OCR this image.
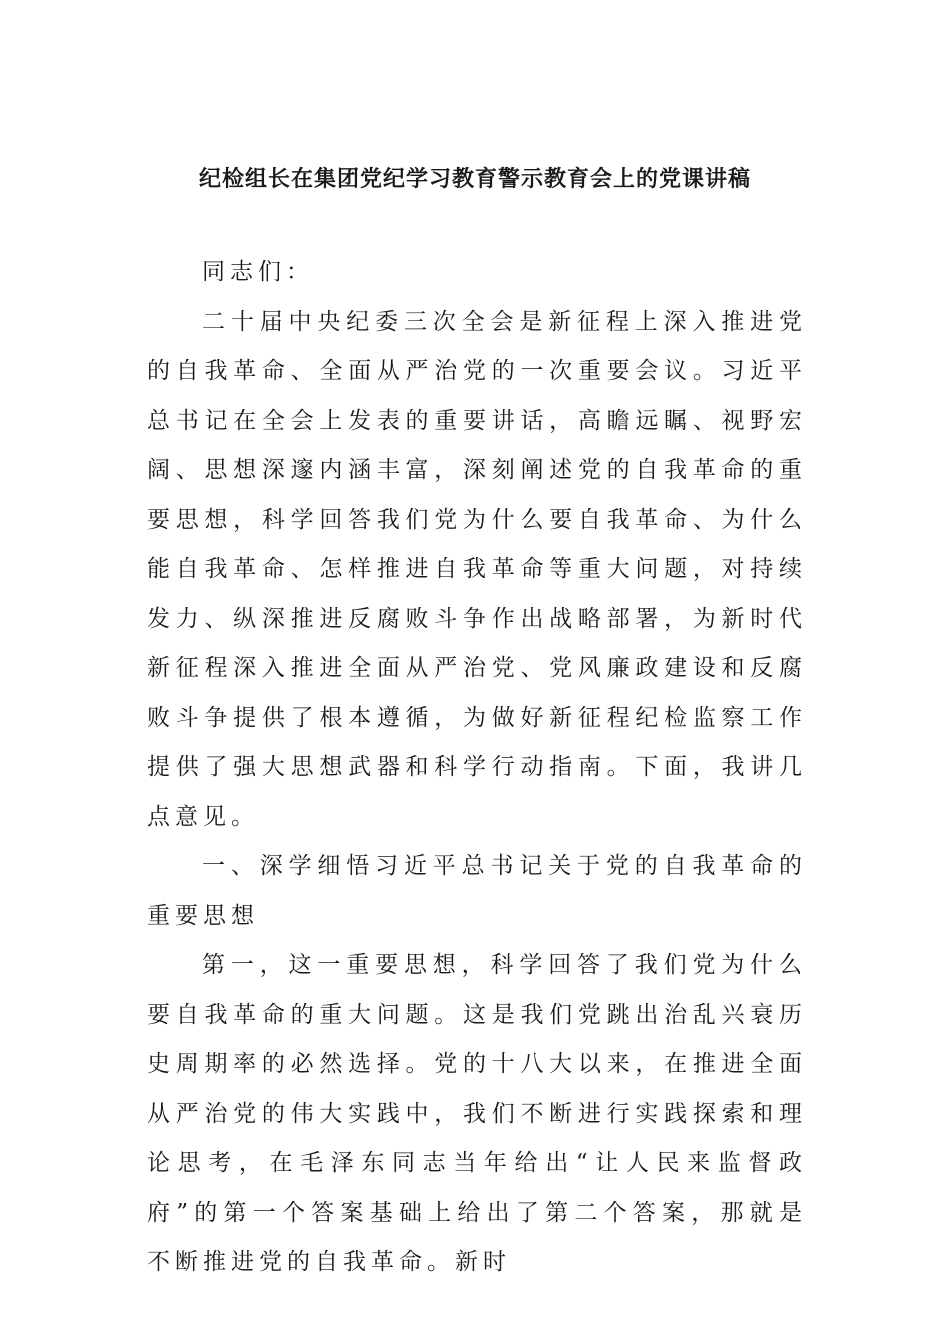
纪检组长在集团党纪学习教育警示教育会上的党课讲稿

同志们：

二十届中央纪委三次全会是新征程上深入推进党的自我革命、全面从严治党的一次重要会议。习近平总书记在全会上发表的重要讲话，高瞻远瞩、视野宏阔、思想深邃内涵丰富，深刻阐述党的自我革命的重要思想，科学回答我们党为什么要自我革命、为什么能自我革命、怎样推进自我革命等重大问题，对持续发力、纵深推进反腐败斗争作出战略部署，为新时代新征程深入推进全面从严治党、党风廉政建设和反腐败斗争提供了根本遵循，为做好新征程纪检监察工作提供了强大思想武器和科学行动指南。下面，我讲几点意见。

一、深学细悟习近平总书记关于党的自我革命的重要思想

第一，这一重要思想，科学回答了我们党为什么要自我革命的重大问题。这是我们党跳出治乱兴衰历史周期率的必然选择。党的十八大以来，在推进全面从严治党的伟大实践中，我们不断进行实践探索和理论思考，在毛泽东同志当年给出“让人民来监督政府”的第一个答案基础上给出了第二个答案，那就是不断推进党的自我革命。新时
